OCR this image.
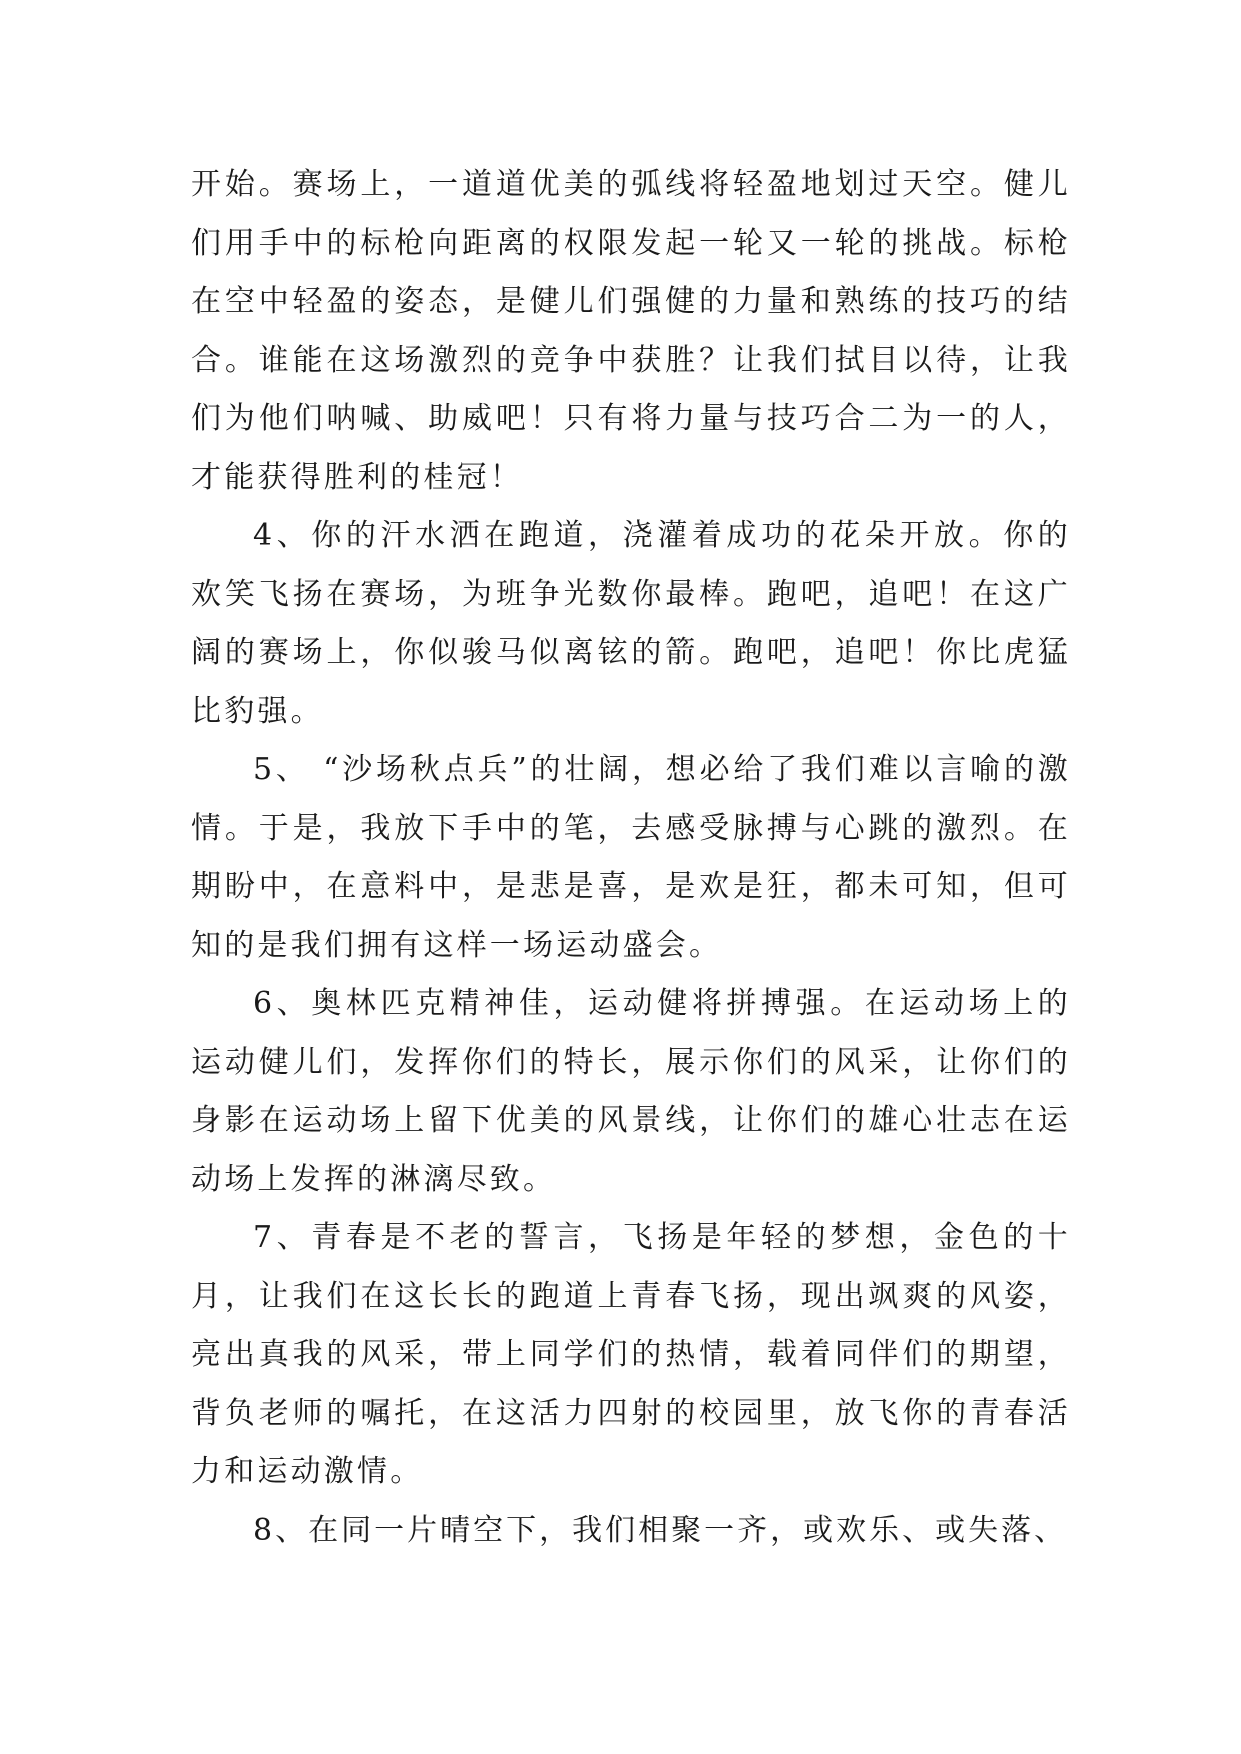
开始。赛场上，一道道优美的弧线将轻盈地划过天空。健儿们用手中的标枪向距离的权限发起一轮又一轮的挑战。标枪在空中轻盈的姿态，是健儿们强健的力量和熟练的技巧的结合。谁能在这场激烈的竞争中获胜？让我们拭目以待，让我们为他们呐喊、助威吧！只有将力量与技巧合二为一的人，才能获得胜利的桂冠！

4、你的汗水洒在跑道，浇灌着成功的花朵开放。你的欢笑飞扬在赛场，为班争光数你最棒。跑吧，追吧！在这广阔的赛场上，你似骏马似离铉的箭。跑吧，追吧！你比虎猛比豹强。

5、 “沙场秋点兵”的壮阔，想必给了我们难以言喻的激情。于是，我放下手中的笔，去感受脉搏与心跳的激烈。在期盼中，在意料中，是悲是喜，是欢是狂，都未可知，但可知的是我们拥有这样一场运动盛会。

6、奥林匹克精神佳，运动健将拼搏强。在运动场上的运动健儿们，发挥你们的特长，展示你们的风采，让你们的身影在运动场上留下优美的风景线，让你们的雄心壮志在运动场上发挥的淋漓尽致。

7、青春是不老的誓言，飞扬是年轻的梦想，金色的十月，让我们在这长长的跑道上青春飞扬，现出飒爽的风姿，亮出真我的风采，带上同学们的热情，载着同伴们的期望，背负老师的嘱托，在这活力四射的校园里，放飞你的青春活力和运动激情。

8、在同一片晴空下，我们相聚一齐，或欢乐、或失落、
